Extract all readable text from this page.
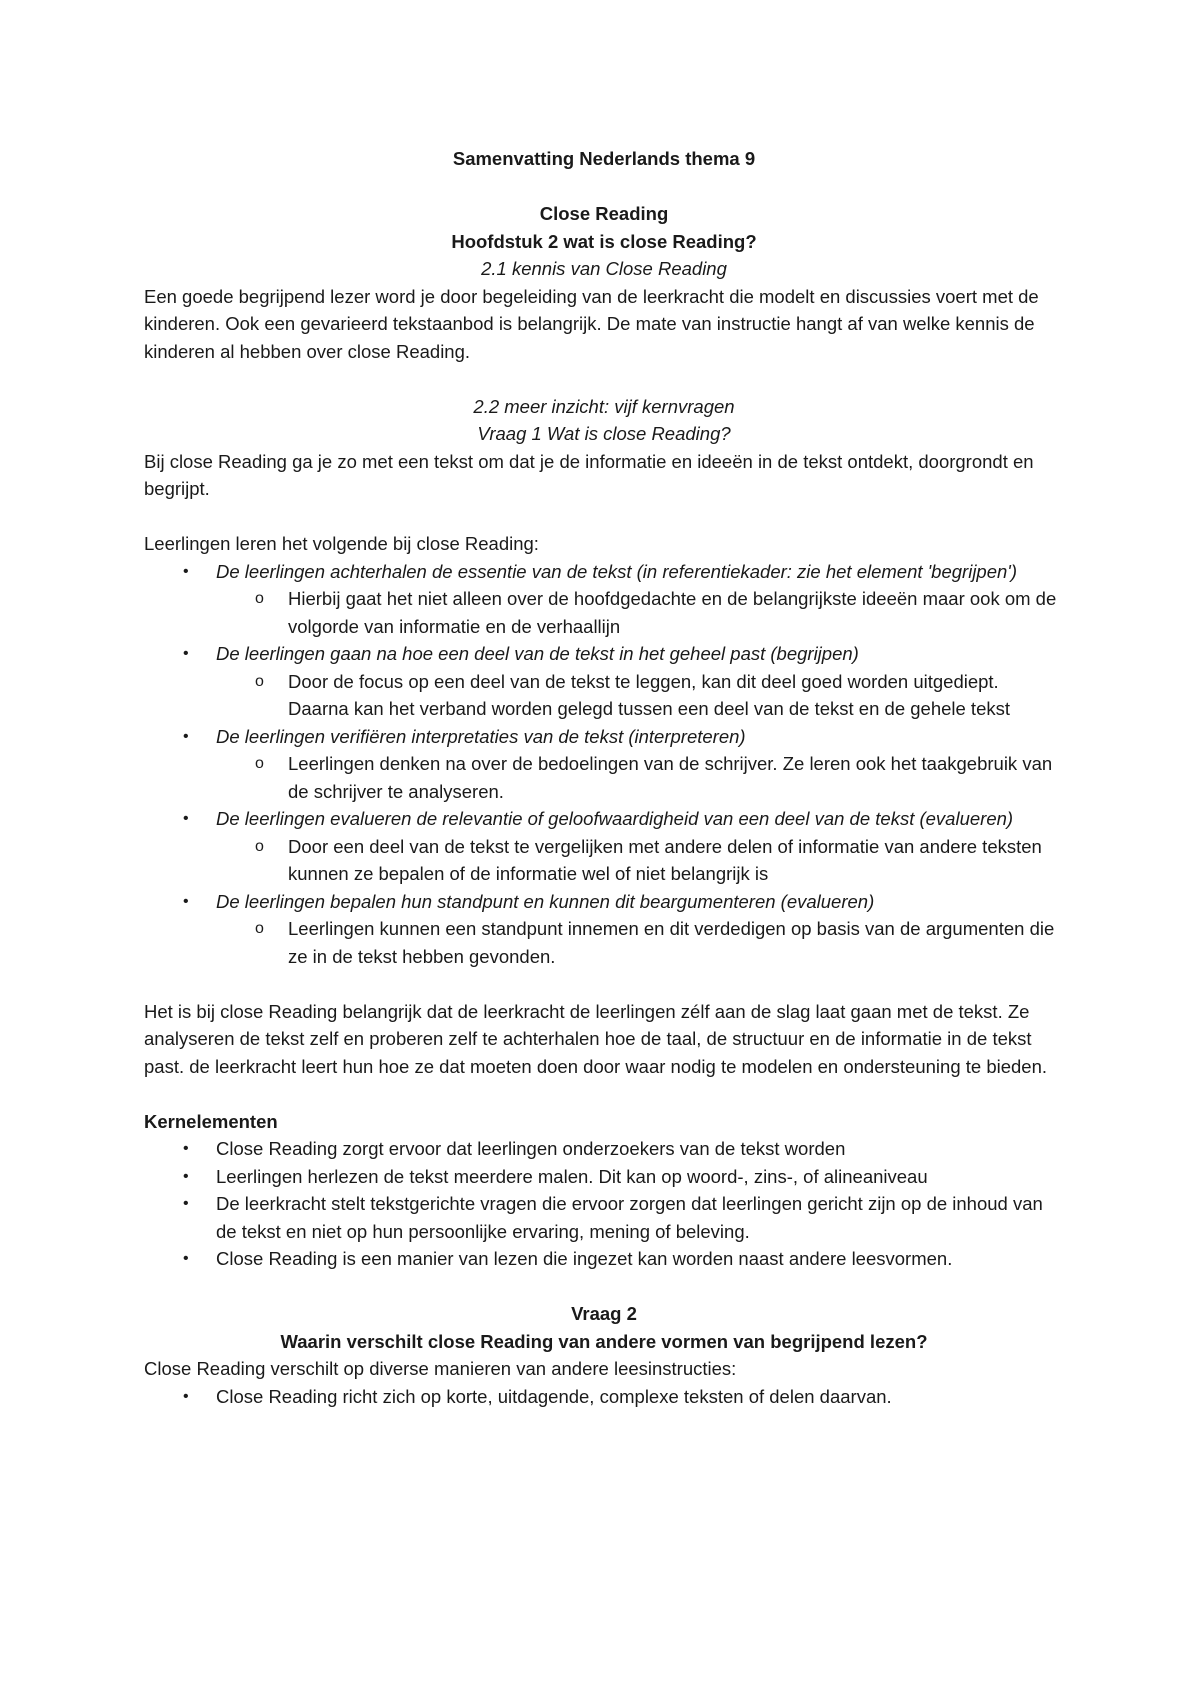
Samenvatting Nederlands thema 9

Close Reading

Hoofdstuk 2 wat is close Reading?

2.1 kennis van Close Reading

Een goede begrijpend lezer word je door begeleiding van de leerkracht die modelt en discussies voert met de kinderen. Ook een gevarieerd tekstaanbod is belangrijk. De mate van instructie hangt af van welke kennis de kinderen al hebben over close Reading.

2.2 meer inzicht: vijf kernvragen

Vraag 1 Wat is close Reading?

Bij close Reading ga je zo met een tekst om dat je de informatie en ideeën in de tekst ontdekt, doorgrondt en begrijpt.

Leerlingen leren het volgende bij close Reading:

• De leerlingen achterhalen de essentie van de tekst (in referentiekader: zie het element 'begrijpen')
o Hierbij gaat het niet alleen over de hoofdgedachte en de belangrijkste ideeën maar ook om de volgorde van informatie en de verhaallijn
• De leerlingen gaan na hoe een deel van de tekst in het geheel past (begrijpen)
o Door de focus op een deel van de tekst te leggen, kan dit deel goed worden uitgediept. Daarna kan het verband worden gelegd tussen een deel van de tekst en de gehele tekst
• De leerlingen verifiëren interpretaties van de tekst (interpreteren)
o Leerlingen denken na over de bedoelingen van de schrijver. Ze leren ook het taakgebruik van de schrijver te analyseren.
• De leerlingen evalueren de relevantie of geloofwaardigheid van een deel van de tekst (evalueren)
o Door een deel van de tekst te vergelijken met andere delen of informatie van andere teksten kunnen ze bepalen of de informatie wel of niet belangrijk is
• De leerlingen bepalen hun standpunt en kunnen dit beargumenteren (evalueren)
o Leerlingen kunnen een standpunt innemen en dit verdedigen op basis van de argumenten die ze in de tekst hebben gevonden.

Het is bij close Reading belangrijk dat de leerkracht de leerlingen zélf aan de slag laat gaan met de tekst. Ze analyseren de tekst zelf en proberen zelf te achterhalen hoe de taal, de structuur en de informatie in de tekst past. de leerkracht leert hun hoe ze dat moeten doen door waar nodig te modelen en ondersteuning te bieden.

Kernelementen

• Close Reading zorgt ervoor dat leerlingen onderzoekers van de tekst worden
• Leerlingen herlezen de tekst meerdere malen. Dit kan op woord-, zins-, of alineaniveau
• De leerkracht stelt tekstgerichte vragen die ervoor zorgen dat leerlingen gericht zijn op de inhoud van de tekst en niet op hun persoonlijke ervaring, mening of beleving.
• Close Reading is een manier van lezen die ingezet kan worden naast andere leesvormen.

Vraag 2

Waarin verschilt close Reading van andere vormen van begrijpend lezen?

Close Reading verschilt op diverse manieren van andere leesinstructies:

• Close Reading richt zich op korte, uitdagende, complexe teksten of delen daarvan.
